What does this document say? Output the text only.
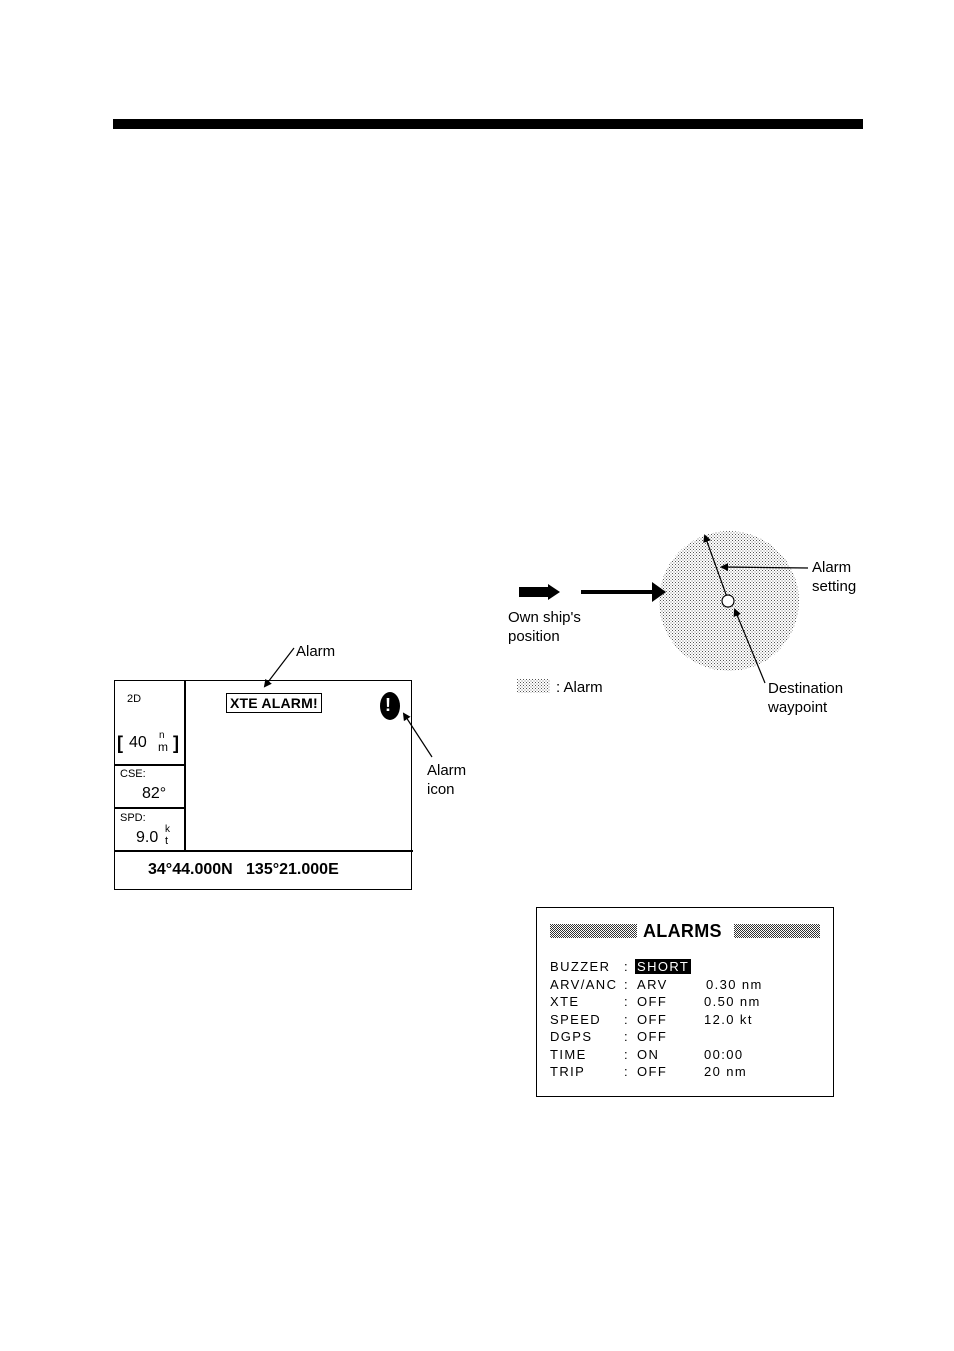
2D
[ 40 n
m ]
CSE:
82°
SPD:
9.0 k
t
XTE ALARM!	!
34°44.000N 135°21.000E
Alarm
Alarm
icon
Own ship's
position
Alarm
setting
Destination
waypoint
: Alarm
ALARMS
BUZZER : SHORT
ARV/ANC : ARV	0.30 nm
XTE	: OFF	0.50 nm
SPEED : OFF	12.0 kt
DGPS : OFF
TIME	: ON	00:00
TRIP	: OFF	20 nm
